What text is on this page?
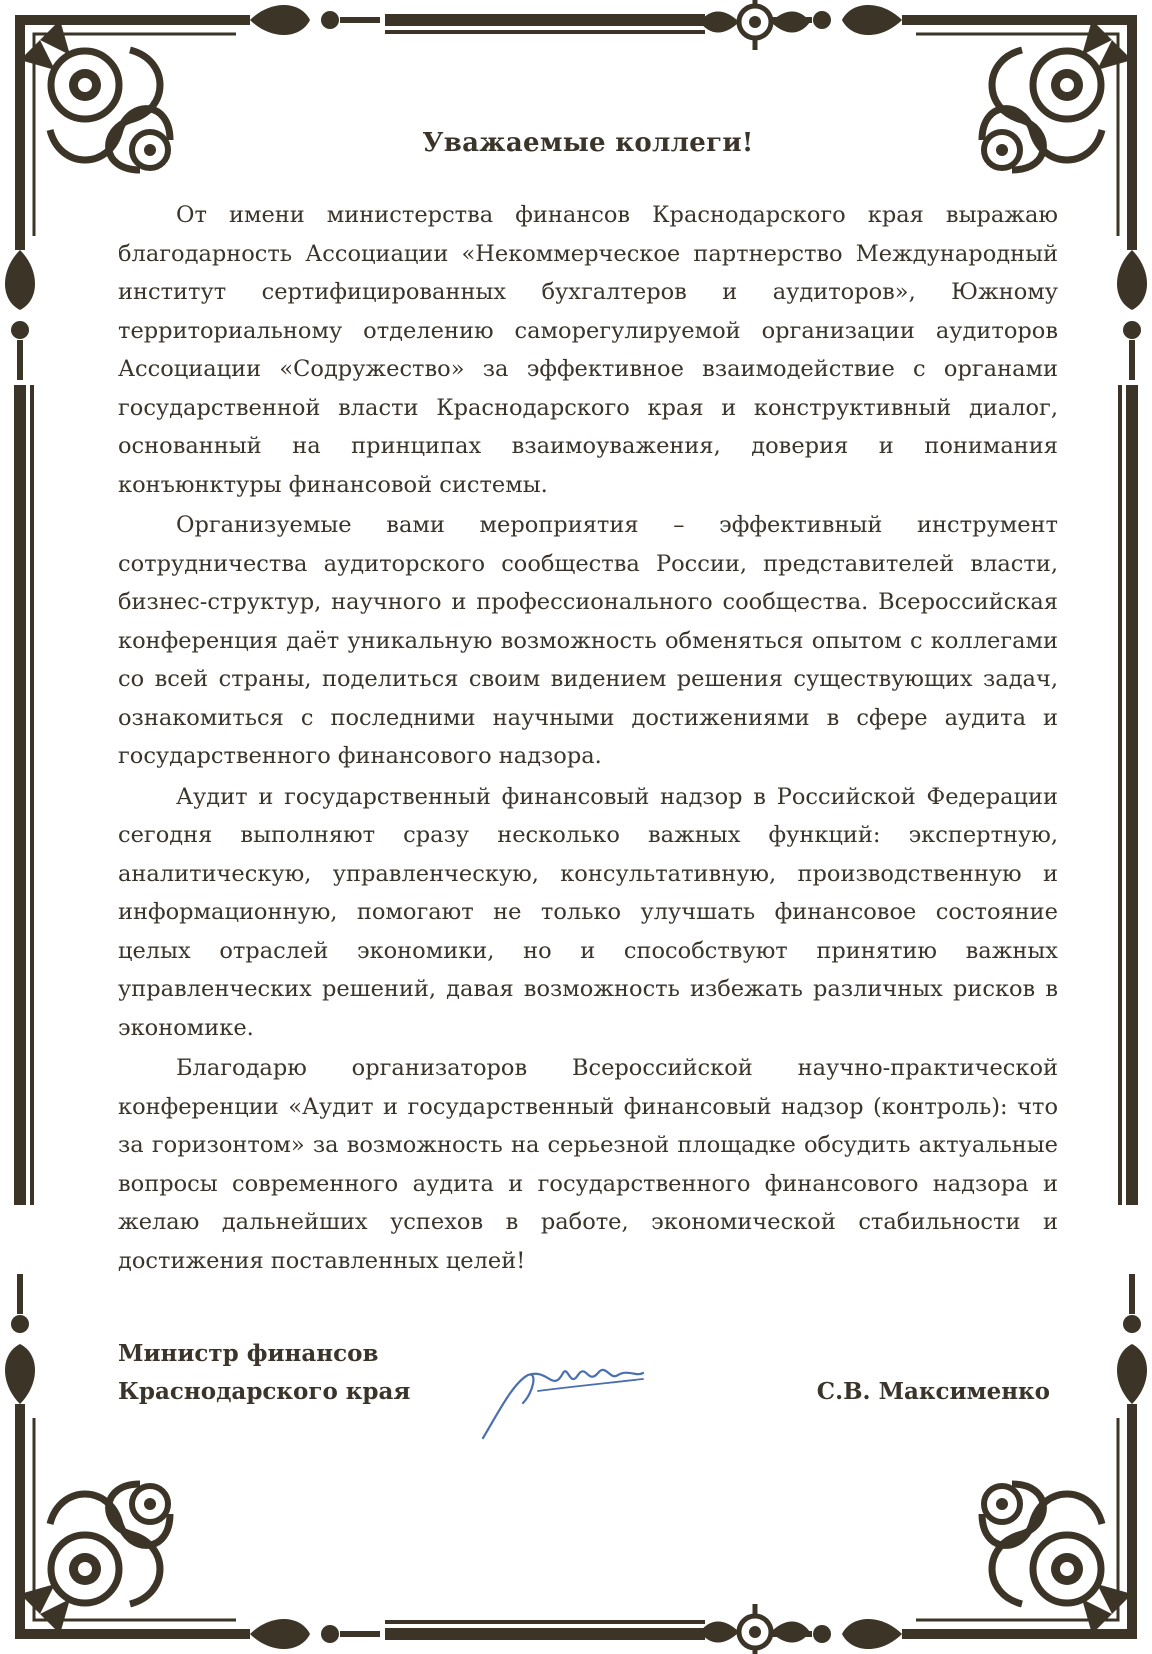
Уважаемые коллеги!

От имени министерства финансов Краснодарского края выражаю благодарность Ассоциации «Некоммерческое партнерство Международный институт сертифицированных бухгалтеров и аудиторов», Южному территориальному отделению саморегулируемой организации аудиторов Ассоциации «Содружество» за эффективное взаимодействие с органами государственной власти Краснодарского края и конструктивный диалог, основанный на принципах взаимоуважения, доверия и понимания конъюнктуры финансовой системы.

Организуемые вами мероприятия – эффективный инструмент сотрудничества аудиторского сообщества России, представителей власти, бизнес-структур, научного и профессионального сообщества. Всероссийская конференция даёт уникальную возможность обменяться опытом с коллегами со всей страны, поделиться своим видением решения существующих задач, ознакомиться с последними научными достижениями в сфере аудита и государственного финансового надзора.

Аудит и государственный финансовый надзор в Российской Федерации сегодня выполняют сразу несколько важных функций: экспертную, аналитическую, управленческую, консультативную, производственную и информационную, помогают не только улучшать финансовое состояние целых отраслей экономики, но и способствуют принятию важных управленческих решений, давая возможность избежать различных рисков в экономике.

Благодарю организаторов Всероссийской научно-практической конференции «Аудит и государственный финансовый надзор (контроль): что за горизонтом» за возможность на серьезной площадке обсудить актуальные вопросы современного аудита и государственного финансового надзора и желаю дальнейших успехов в работе, экономической стабильности и достижения поставленных целей!

Министр финансов
Краснодарского края	С.В. Максименко
